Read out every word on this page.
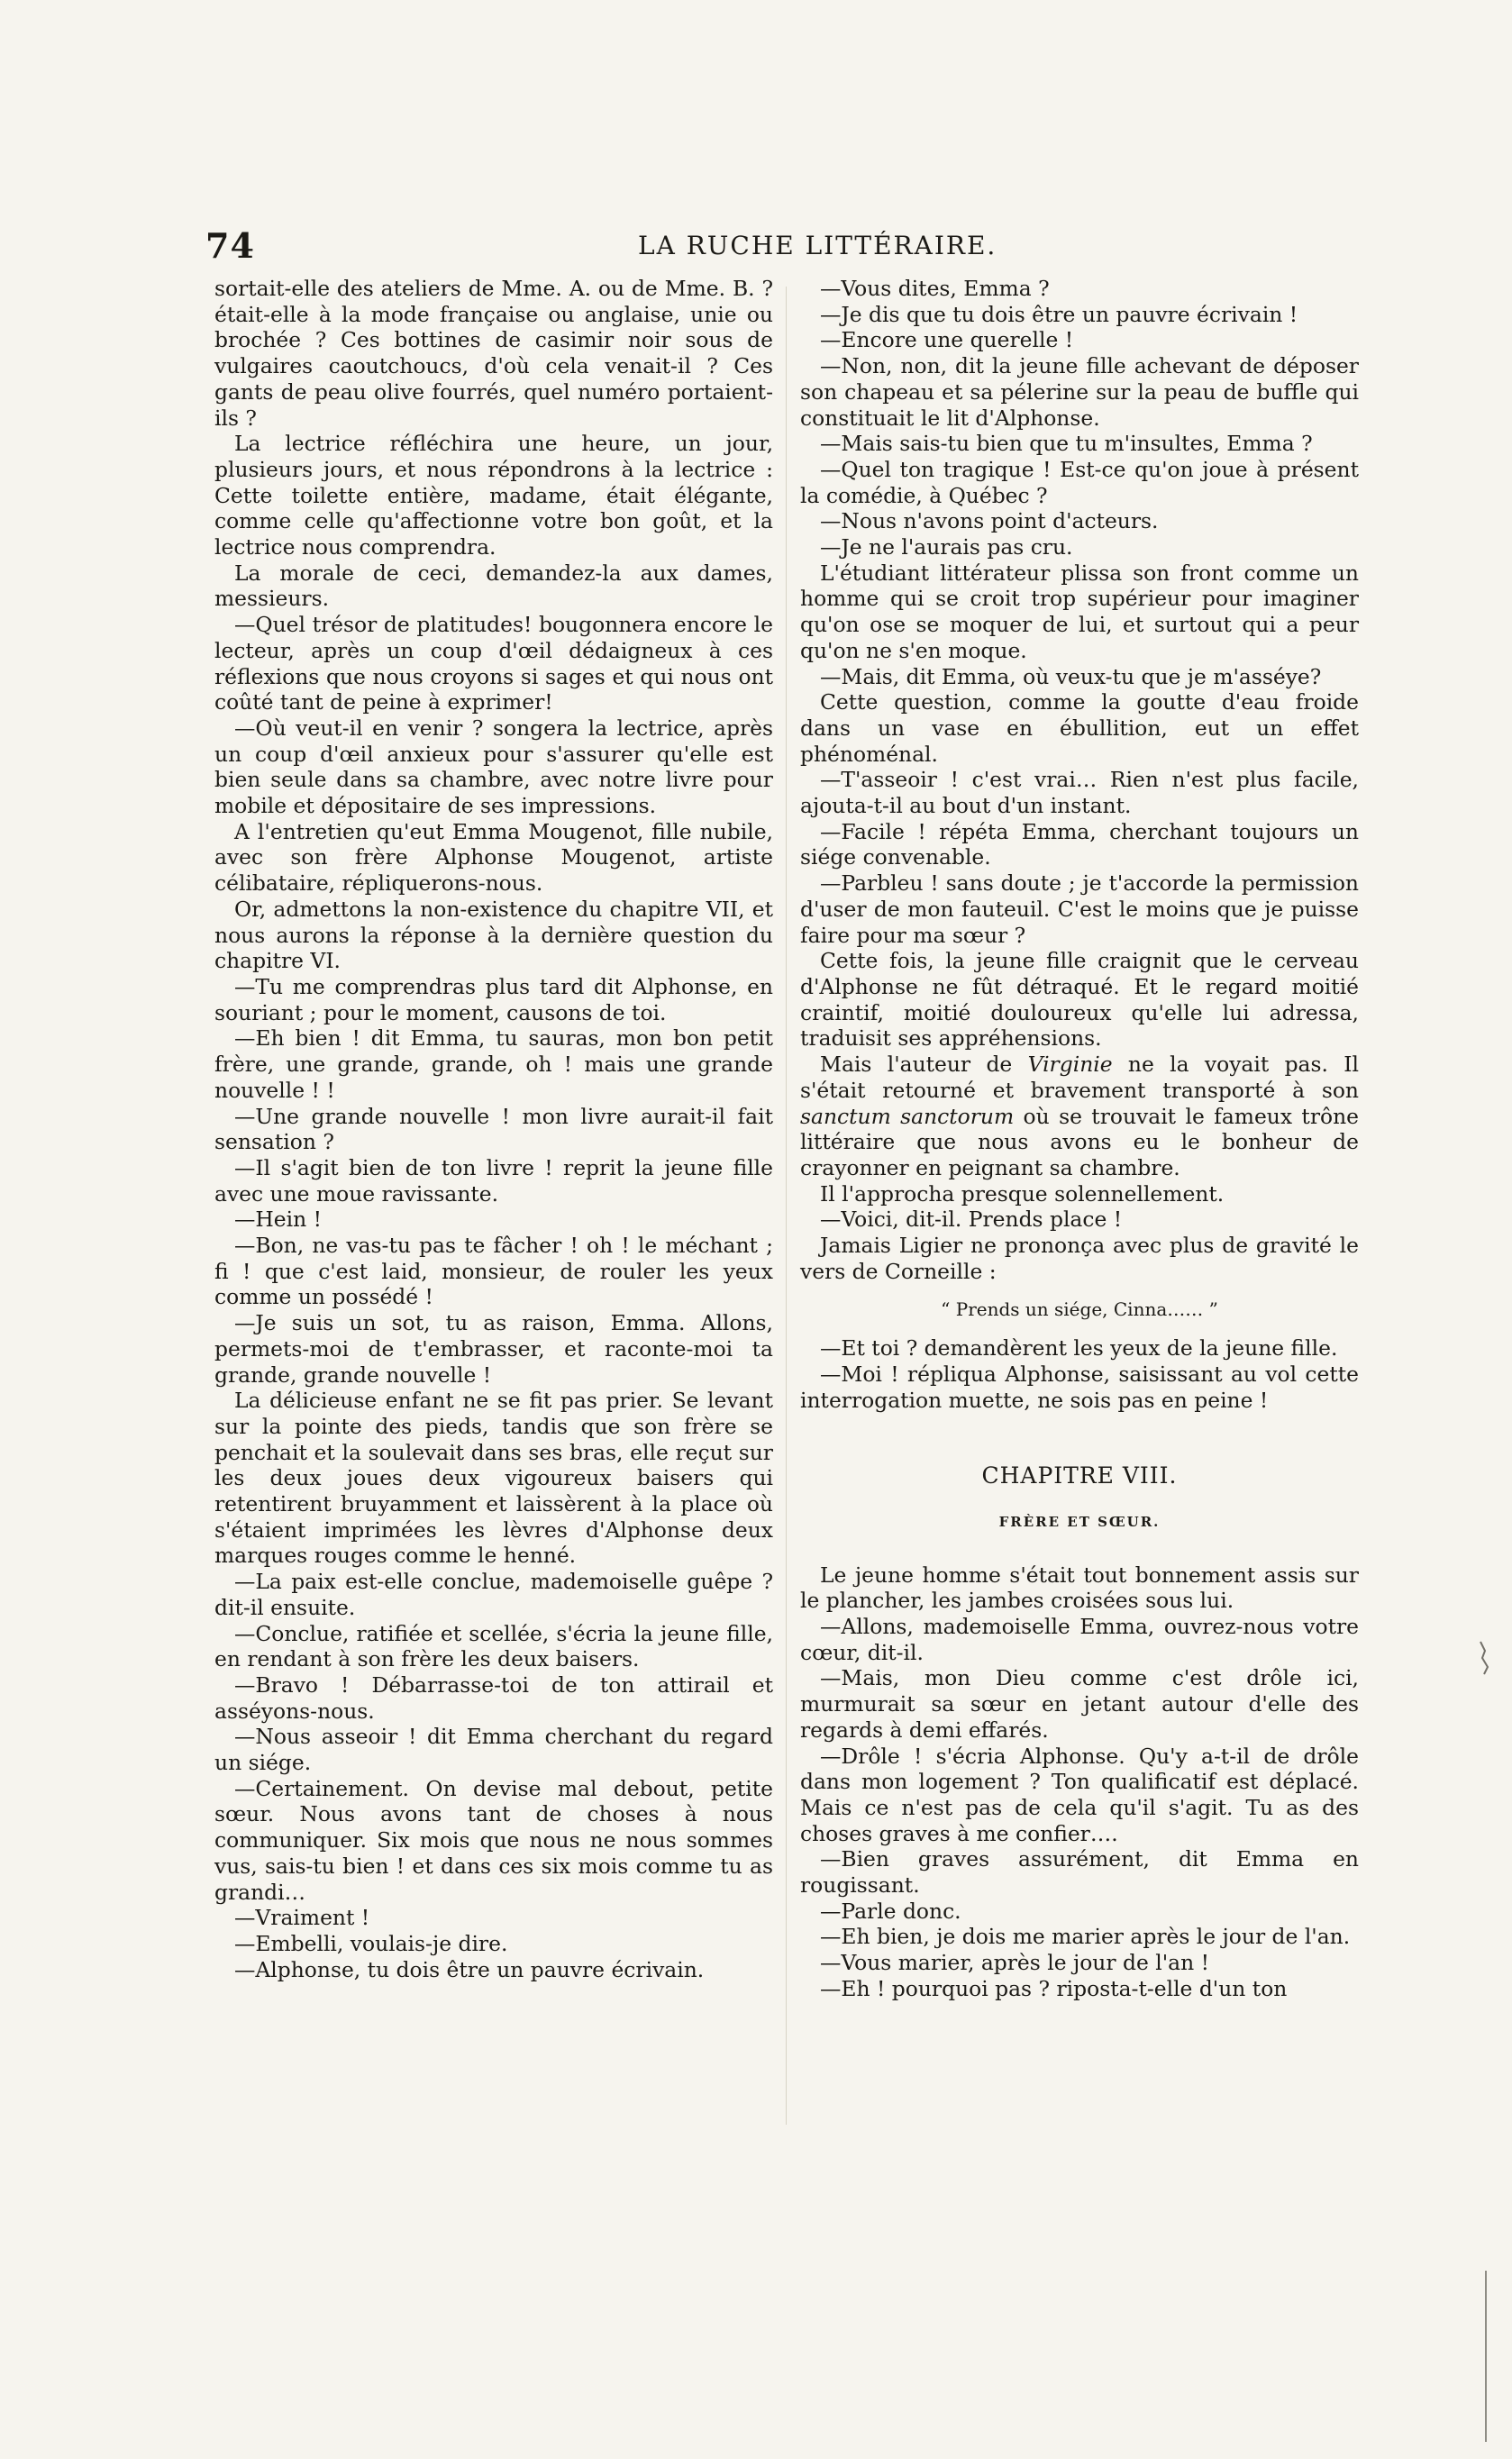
74	LA RUCHE LITTÉRAIRE.

sortait-elle des ateliers de Mme. A. ou de Mme. B. ? était-elle à la mode française ou anglaise, unie ou brochée ? Ces bottines de casimir noir sous de vulgaires caoutchoucs, d'où cela venait-il ? Ces gants de peau olive fourrés, quel numéro portaient-ils ?

La lectrice réfléchira une heure, un jour, plusieurs jours, et nous répondrons à la lectrice : Cette toilette entière, madame, était élégante, comme celle qu'affectionne votre bon goût, et la lectrice nous comprendra.

La morale de ceci, demandez-la aux dames, messieurs.

—Quel trésor de platitudes! bougonnera encore le lecteur, après un coup d'œil dédaigneux à ces réflexions que nous croyons si sages et qui nous ont coûté tant de peine à exprimer!

—Où veut-il en venir ? songera la lectrice, après un coup d'œil anxieux pour s'assurer qu'elle est bien seule dans sa chambre, avec notre livre pour mobile et dépositaire de ses impressions.

A l'entretien qu'eut Emma Mougenot, fille nubile, avec son frère Alphonse Mougenot, artiste célibataire, répliquerons-nous.

Or, admettons la non-existence du chapitre VII, et nous aurons la réponse à la dernière question du chapitre VI.

—Tu me comprendras plus tard dit Alphonse, en souriant ; pour le moment, causons de toi.

—Eh bien ! dit Emma, tu sauras, mon bon petit frère, une grande, grande, oh ! mais une grande nouvelle ! !

—Une grande nouvelle ! mon livre aurait-il fait sensation ?

—Il s'agit bien de ton livre ! reprit la jeune fille avec une moue ravissante.

—Hein !

—Bon, ne vas-tu pas te fâcher ! oh ! le méchant ; fi ! que c'est laid, monsieur, de rouler les yeux comme un possédé !

—Je suis un sot, tu as raison, Emma. Allons, permets-moi de t'embrasser, et raconte-moi ta grande, grande nouvelle !

La délicieuse enfant ne se fit pas prier. Se levant sur la pointe des pieds, tandis que son frère se penchait et la soulevait dans ses bras, elle reçut sur les deux joues deux vigoureux baisers qui retentirent bruyamment et laissèrent à la place où s'étaient imprimées les lèvres d'Alphonse deux marques rouges comme le henné.

—La paix est-elle conclue, mademoiselle guêpe ? dit-il ensuite.

—Conclue, ratifiée et scellée, s'écria la jeune fille, en rendant à son frère les deux baisers.

—Bravo ! Débarrasse-toi de ton attirail et asséyons-nous.

—Nous asseoir ! dit Emma cherchant du regard un siége.

—Certainement. On devise mal debout, petite sœur. Nous avons tant de choses à nous communiquer. Six mois que nous ne nous sommes vus, sais-tu bien ! et dans ces six mois comme tu as grandi…

—Vraiment !

—Embelli, voulais-je dire.

—Alphonse, tu dois être un pauvre écrivain.

—Vous dites, Emma ?

—Je dis que tu dois être un pauvre écrivain !

—Encore une querelle !

—Non, non, dit la jeune fille achevant de déposer son chapeau et sa pélerine sur la peau de buffle qui constituait le lit d'Alphonse.

—Mais sais-tu bien que tu m'insultes, Emma ?

—Quel ton tragique ! Est-ce qu'on joue à présent la comédie, à Québec ?

—Nous n'avons point d'acteurs.

—Je ne l'aurais pas cru.

L'étudiant littérateur plissa son front comme un homme qui se croit trop supérieur pour imaginer qu'on ose se moquer de lui, et surtout qui a peur qu'on ne s'en moque.

—Mais, dit Emma, où veux-tu que je m'asséye?

Cette question, comme la goutte d'eau froide dans un vase en ébullition, eut un effet phénoménal.

—T'asseoir ! c'est vrai… Rien n'est plus facile, ajouta-t-il au bout d'un instant.

—Facile ! répéta Emma, cherchant toujours un siége convenable.

—Parbleu ! sans doute ; je t'accorde la permission d'user de mon fauteuil. C'est le moins que je puisse faire pour ma sœur ?

Cette fois, la jeune fille craignit que le cerveau d'Alphonse ne fût détraqué. Et le regard moitié craintif, moitié douloureux qu'elle lui adressa, traduisit ses appréhensions.

Mais l'auteur de Virginie ne la voyait pas. Il s'était retourné et bravement transporté à son sanctum sanctorum où se trouvait le fameux trône littéraire que nous avons eu le bonheur de crayonner en peignant sa chambre.

Il l'approcha presque solennellement.

—Voici, dit-il. Prends place !

Jamais Ligier ne prononça avec plus de gravité le vers de Corneille :

“ Prends un siége, Cinna…… ”

—Et toi ? demandèrent les yeux de la jeune fille.

—Moi ! répliqua Alphonse, saisissant au vol cette interrogation muette, ne sois pas en peine !

CHAPITRE VIII.
FRÈRE ET SŒUR.

Le jeune homme s'était tout bonnement assis sur le plancher, les jambes croisées sous lui.

—Allons, mademoiselle Emma, ouvrez-nous votre cœur, dit-il.

—Mais, mon Dieu comme c'est drôle ici, murmurait sa sœur en jetant autour d'elle des regards à demi effarés.

—Drôle ! s'écria Alphonse. Qu'y a-t-il de drôle dans mon logement ? Ton qualificatif est déplacé. Mais ce n'est pas de cela qu'il s'agit. Tu as des choses graves à me confier….

—Bien graves assurément, dit Emma en rougissant.

—Parle donc.

—Eh bien, je dois me marier après le jour de l'an.

—Vous marier, après le jour de l'an !

—Eh ! pourquoi pas ? riposta-t-elle d'un ton
